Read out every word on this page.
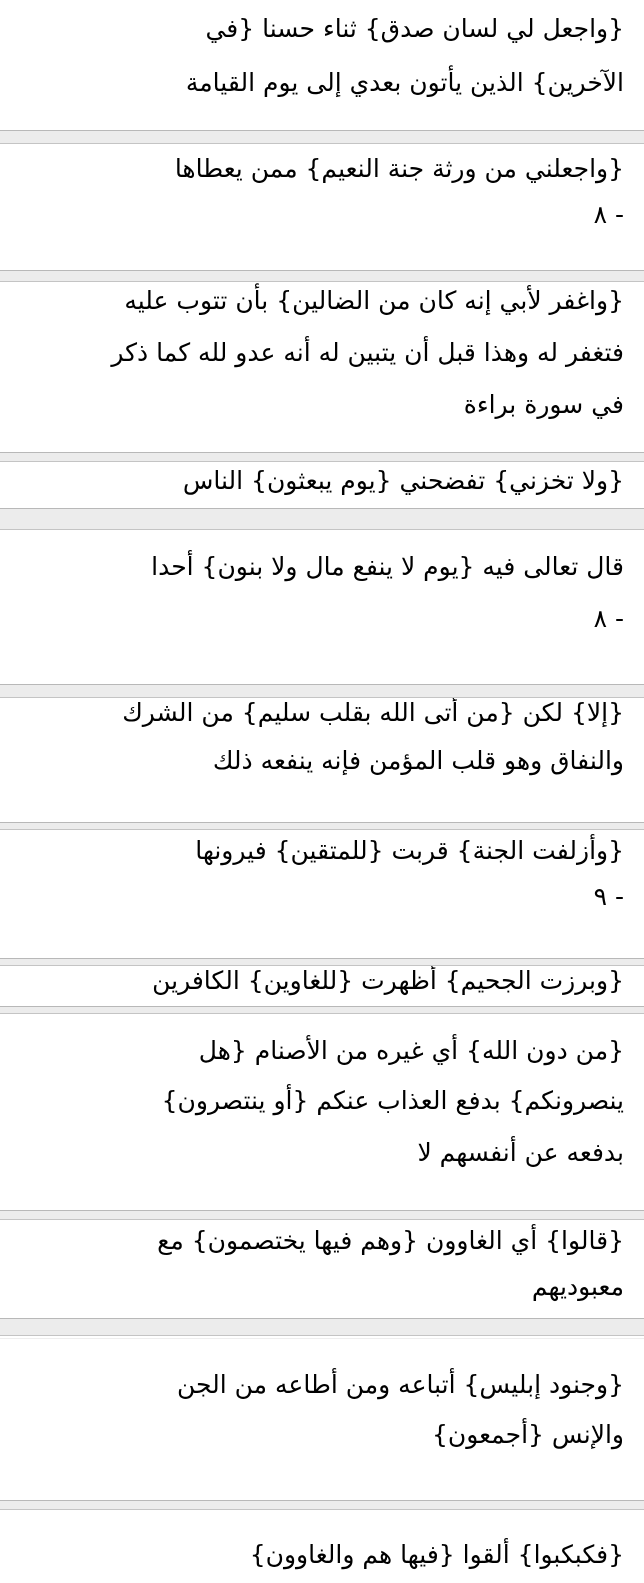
{واجعل لي لسان صدق} ثناء حسنا {في
الآخرين} الذين يأتون بعدي إلى يوم القيامة
{واجعلني من ورثة جنة النعيم} ممن يعطاها
٨ -
{واغفر لأبي إنه كان من الضالين} بأن تتوب عليه
فتغفر له وهذا قبل أن يتبين له أنه عدو لله كما ذكر
في سورة براءة
{ولا تخزني} تفضحني {يوم يبعثون} الناس
قال تعالى فيه {يوم لا ينفع مال ولا بنون} أحدا
٨ -
{إلا} لكن {من أتى الله بقلب سليم} من الشرك
والنفاق وهو قلب المؤمن فإنه ينفعه ذلك
{وأزلفت الجنة} قربت {للمتقين} فيرونها
٩ -
{وبرزت الجحيم} أظهرت {للغاوين} الكافرين
{من دون الله} أي غيره من الأصنام {هل
ينصرونكم} بدفع العذاب عنكم {أو ينتصرون}
بدفعه عن أنفسهم لا
{قالوا} أي الغاوون {وهم فيها يختصمون} مع
معبوديهم
{وجنود إبليس} أتباعه ومن أطاعه من الجن
والإنس {أجمعون}
{فكبكبوا} ألقوا {فيها هم والغاوون}
